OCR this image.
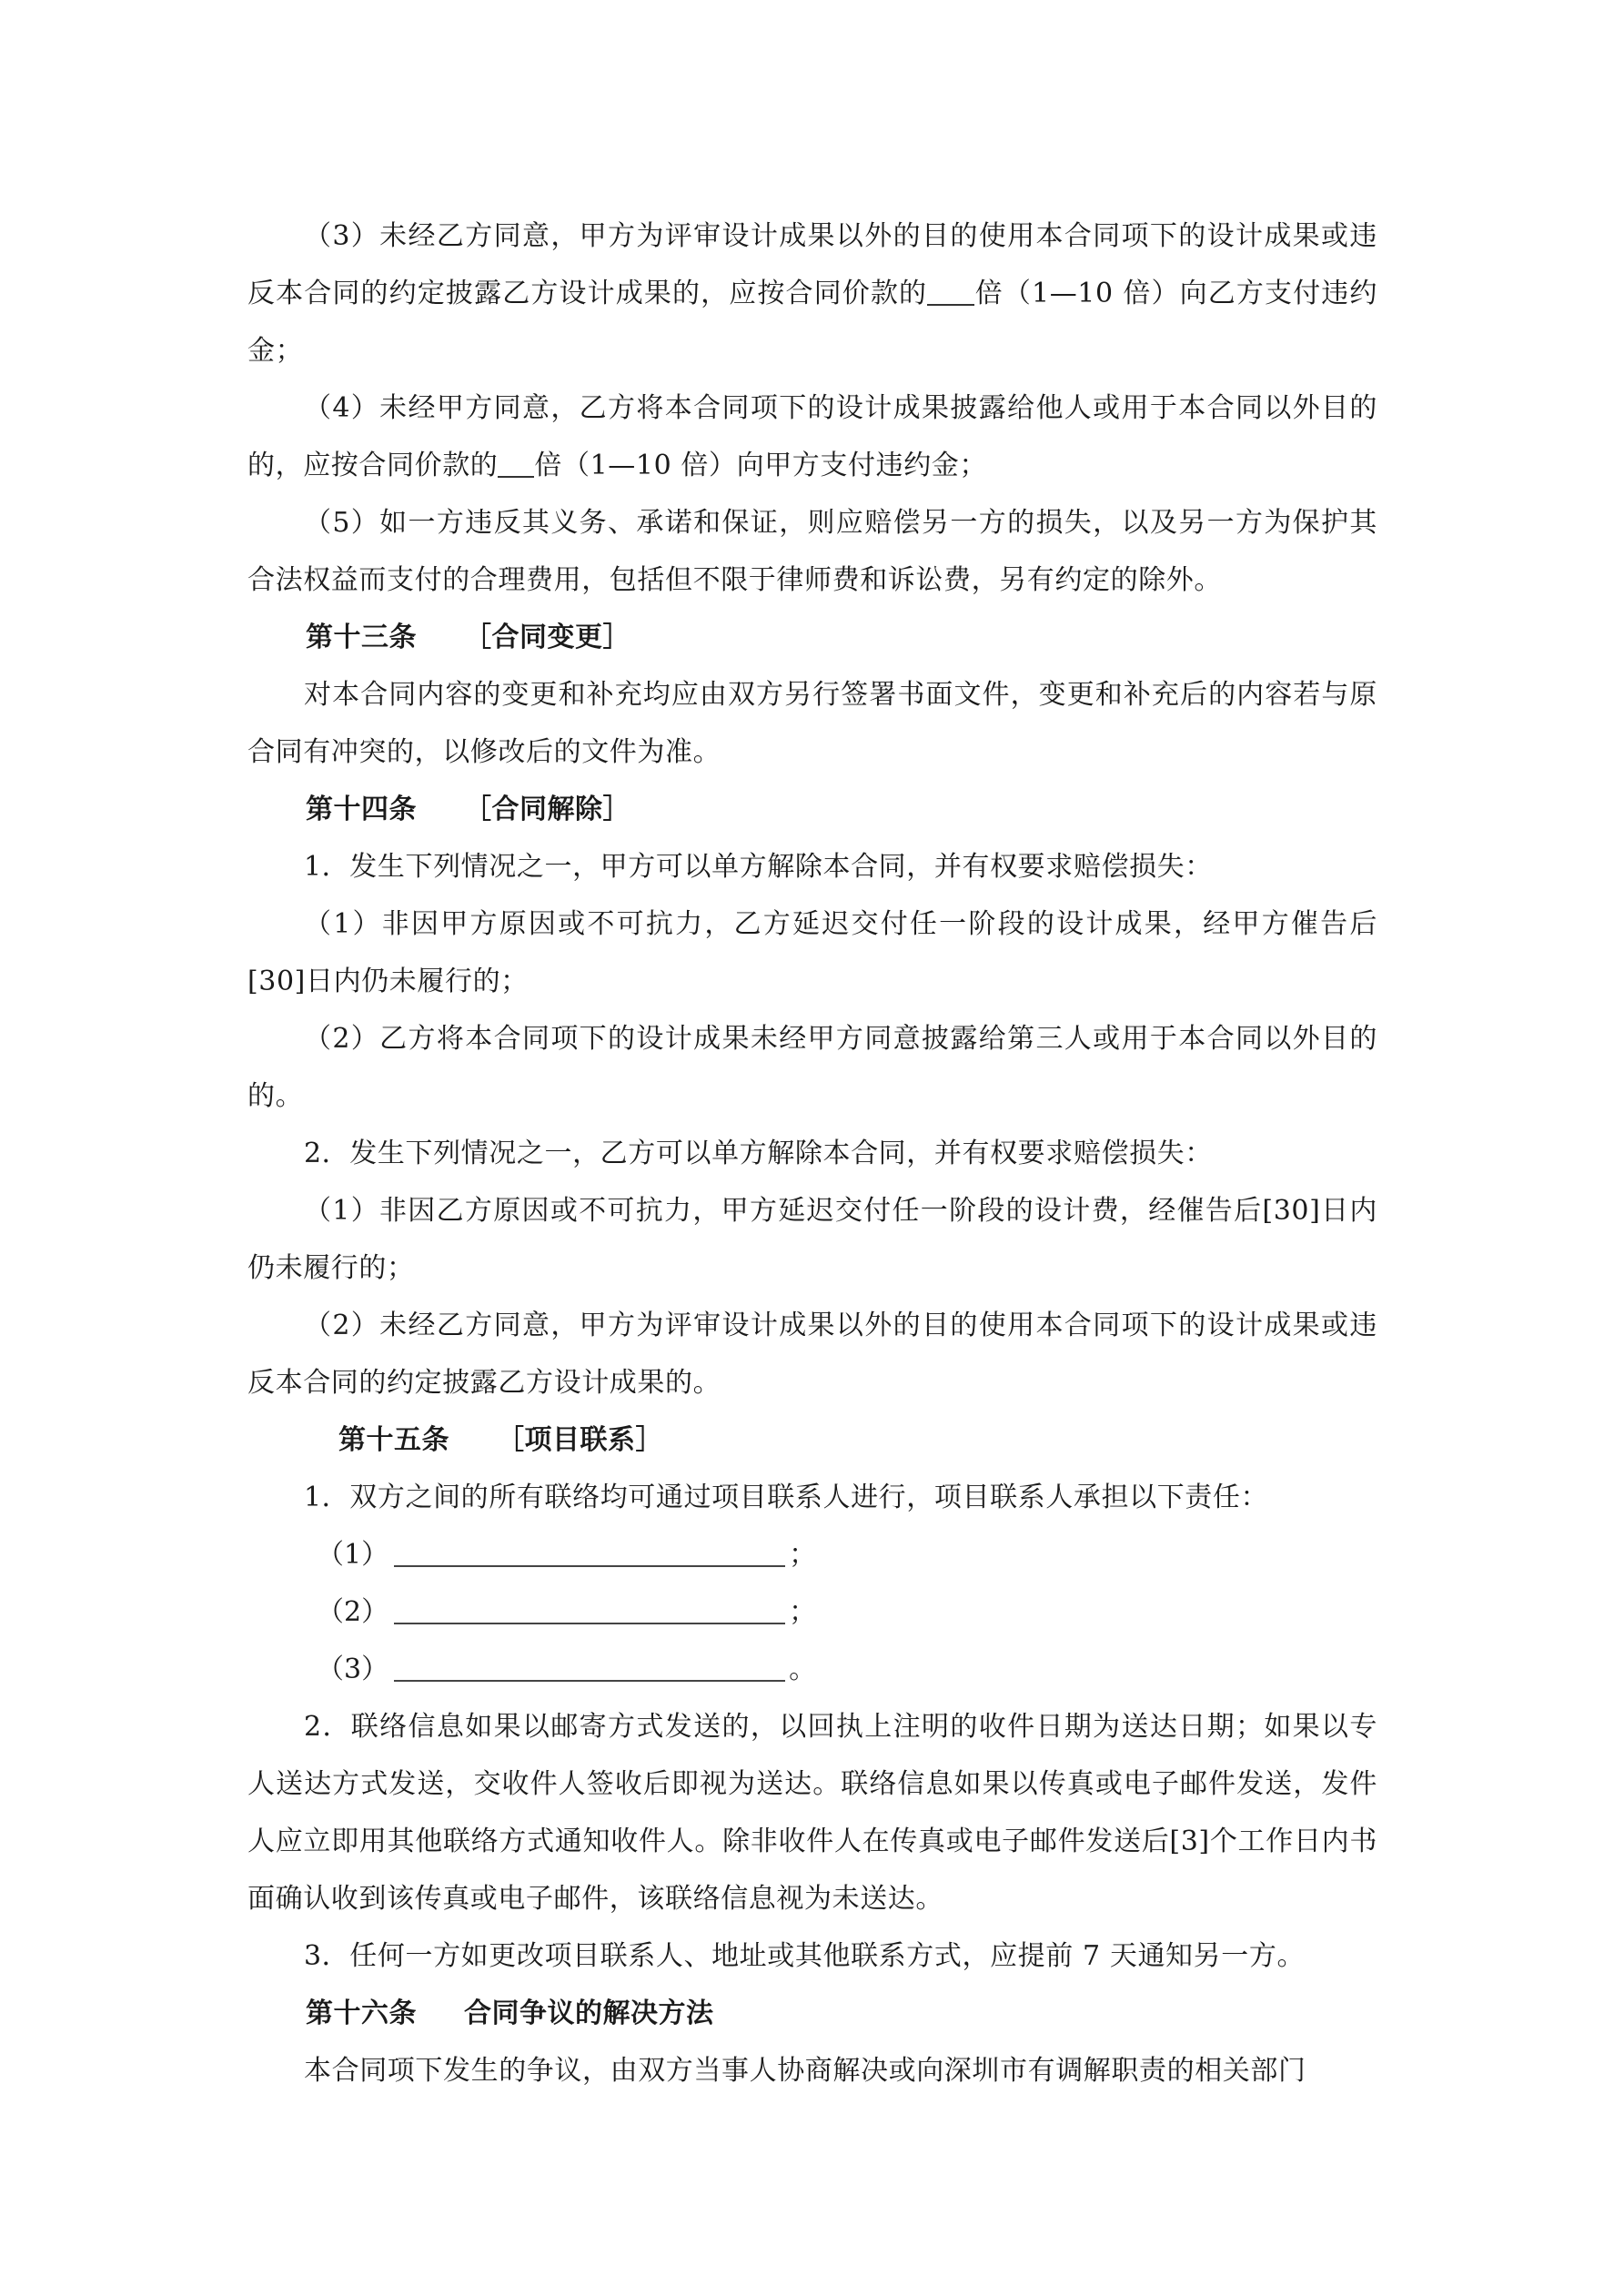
（3）未经乙方同意，甲方为评审设计成果以外的目的使用本合同项下的设计成果或违反本合同的约定披露乙方设计成果的，应按合同价款的 倍（1—10 倍）向乙方支付违约金；

（4）未经甲方同意，乙方将本合同项下的设计成果披露给他人或用于本合同以外目的的，应按合同价款的 倍（1—10 倍）向甲方支付违约金；

（5）如一方违反其义务、承诺和保证，则应赔偿另一方的损失，以及另一方为保护其合法权益而支付的合理费用，包括但不限于律师费和诉讼费，另有约定的除外。

第十三条 ［合同变更］

对本合同内容的变更和补充均应由双方另行签署书面文件，变更和补充后的内容若与原合同有冲突的，以修改后的文件为准。

第十四条 ［合同解除］

1．发生下列情况之一，甲方可以单方解除本合同，并有权要求赔偿损失：

（1）非因甲方原因或不可抗力，乙方延迟交付任一阶段的设计成果，经甲方催告后[30]日内仍未履行的；

（2）乙方将本合同项下的设计成果未经甲方同意披露给第三人或用于本合同以外目的的。

2．发生下列情况之一，乙方可以单方解除本合同，并有权要求赔偿损失：

（1）非因乙方原因或不可抗力，甲方延迟交付任一阶段的设计费，经催告后[30]日内仍未履行的；

（2）未经乙方同意，甲方为评审设计成果以外的目的使用本合同项下的设计成果或违反本合同的约定披露乙方设计成果的。

第十五条 ［项目联系］

1．双方之间的所有联络均可通过项目联系人进行，项目联系人承担以下责任：

（1）	；

（2）	；

（3）	。

2．联络信息如果以邮寄方式发送的，以回执上注明的收件日期为送达日期；如果以专人送达方式发送，交收件人签收后即视为送达。联络信息如果以传真或电子邮件发送，发件人应立即用其他联络方式通知收件人。除非收件人在传真或电子邮件发送后[3]个工作日内书面确认收到该传真或电子邮件，该联络信息视为未送达。

3．任何一方如更改项目联系人、地址或其他联系方式，应提前 7 天通知另一方。

第十六条 合同争议的解决方法

本合同项下发生的争议，由双方当事人协商解决或向深圳市有调解职责的相关部门
